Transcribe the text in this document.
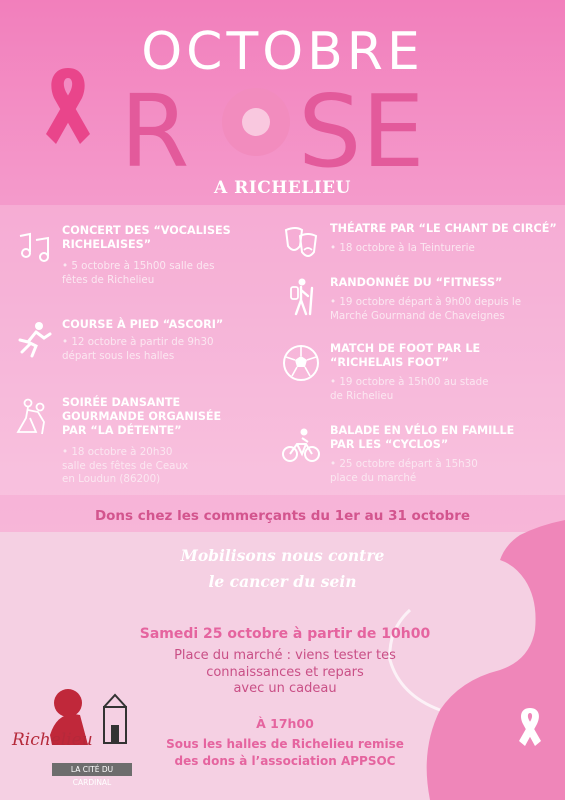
OCTOBRE
R SE
A RICHELIEU
CONCERT DES “VOCALISES
RICHELAISES”
• 5 octobre à 15h00 salle des
fêtes de Richelieu
COURSE À PIED “ASCORI”
• 12 octobre à partir de 9h30
départ sous les halles
SOIRÉE DANSANTE
GOURMANDE ORGANISÉE
PAR “LA DÉTENTE”
• 18 octobre à 20h30
salle des fêtes de Ceaux
en Loudun (86200)
THÉATRE PAR “LE CHANT DE CIRCÉ”
• 18 octobre à la Teinturerie
RANDONNÉE DU “FITNESS”
• 19 octobre départ à 9h00 depuis le
Marché Gourmand de Chaveignes
MATCH DE FOOT PAR LE
“RICHELAIS FOOT”
• 19 octobre à 15h00 au stade
de Richelieu
BALADE EN VÉLO EN FAMILLE
PAR LES “CYCLOS”
• 25 octobre départ à 15h30
place du marché
Dons chez les commerçants du 1er au 31 octobre
Mobilisons nous contre
le cancer du sein
Samedi 25 octobre à partir de 10h00
Place du marché : viens tester tes
connaissances et repars
avec un cadeau
À 17h00
Sous les halles de Richelieu remise
des dons à l’association APPSOC
Richelieu
LA CITÉ DU CARDINAL
